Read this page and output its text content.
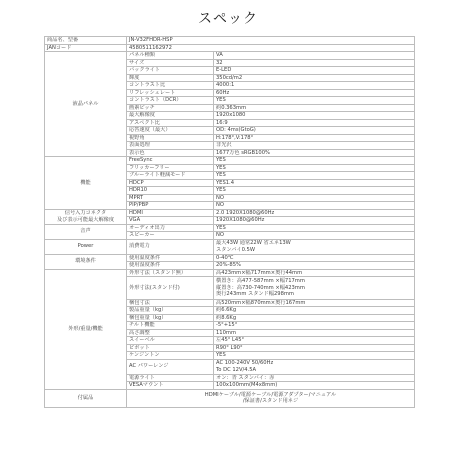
スペック
商品名、型番	JN-V32FHDR-HSP	

JANコード	4580511162972	

液晶パネル	パネル種類	VA

	サイズ	32

	バックライト	E-LED

	輝度	350cd/m2

	コントラスト比	4000:1

	リフレッシュレート	60Hz

	コントラスト（DCR）	YES

	画素ピッチ	約0.363mm

	最大解像度	1920x1080

	アスペクト比	16:9

	応答速度（最大）	OD: 4ms(GtoG)

	視野角	H:178°,V:178°

	表面処理	非光沢

	表示色	1677万色 sRGB100%

機能	FreeSync	YES

	フリッカーフリー	YES

	ブルーライト軽減モード	YES

	HDCP	YES1.4

	HDR10	YES

	MPRT	NO

	PIP/PBP	NO

信号入力コネクタ
及び表示可能最大解像度	HDMI	2.0 1920X1080@60Hz

	VGA	1920X1080@60Hz

音声	オーディオ出力	YES

	スピーカー	NO

Power	消費電力	最大43W 通常22W 省エネ13W
スタンバイ0.5W

環境条件	使用温度条件	0-40℃

	使用湿度条件	20%-85%

外形/重量/機能	外形寸法（スタンド無）	高423mm×幅717mm×奥行44mm

	外形寸法(スタンド付)	横置き：高477-587mm ×幅717mm
縦置き：高730-740mm ×幅423mm
奥行243mm スタンド幅298mm

	梱包寸法	高520mm×幅870mm×奥行167mm

	製品重量（kg）	約6.6Kg

	梱包重量（kg）	約8.6Kg

	チルト機能	-5°+15°

	高さ調整	110mm

	スイーベル	左45° L45°

	ピボット	R90° L90°

	ケンジントン	YES

	AC パワーレンジ	AC 100-240V 50/60Hz
To DC 12V/4.5A

	電源ライト	オン：青 スタンバイ：赤

	VESAマウント	100x100mm(M4x8mm)

付属品	HDMIケーブル/電源ケーブル/電源アダプター/マニュアル
/保証書/スタンド用ネジ	
